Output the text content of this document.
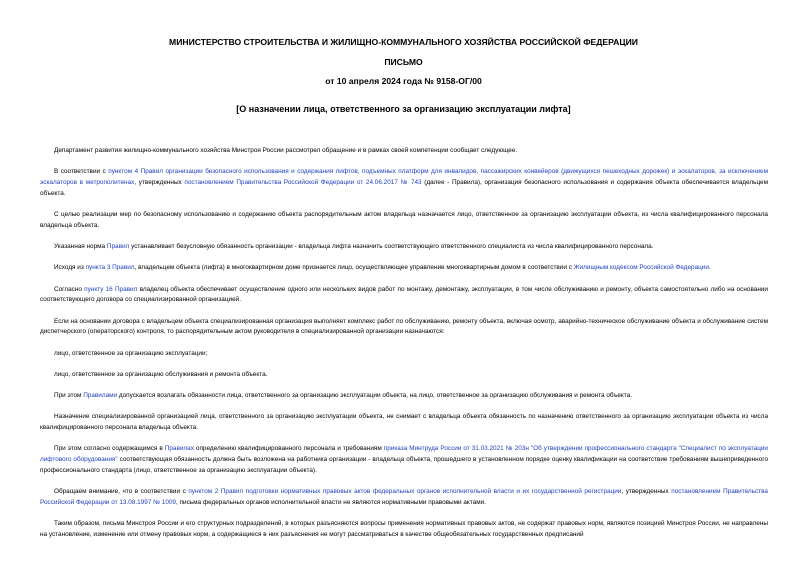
МИНИСТЕРСТВО СТРОИТЕЛЬСТВА И ЖИЛИЩНО-КОММУНАЛЬНОГО ХОЗЯЙСТВА РОССИЙСКОЙ ФЕДЕРАЦИИ
ПИСЬМО
от 10 апреля 2024 года № 9158-ОГ/00
[О назначении лица, ответственного за организацию эксплуатации лифта]

Департамент развития жилищно-коммунального хозяйства Минстроя России рассмотрел обращение и в рамках своей компетенции сообщает следующее.

В соответствии с пунктом 4 Правил организации безопасного использования и содержания лифтов, подъемных платформ для инвалидов, пассажирских конвейеров (движущихся пешеходных дорожек) и эскалаторов, за исключением эскалаторов в метрополитенах, утвержденных постановлением Правительства Российской Федерации от 24.06.2017 № 743 (далее - Правила), организация безопасного использования и содержания объекта обеспечивается владельцем объекта.

С целью реализации мер по безопасному использованию и содержанию объекта распорядительным актом владельца назначается лицо, ответственное за организацию эксплуатации объекта, из числа квалифицированного персонала владельца объекта.

Указанная норма Правил устанавливает безусловную обязанность организации - владельца лифта назначить соответствующего ответственного специалиста из числа квалифицированного персонала.

Исходя из пункта 3 Правил, владельцем объекта (лифта) в многоквартирном доме признается лицо, осуществляющее управление многоквартирным домом в соответствии с Жилищным кодексом Российской Федерации.

Согласно пункту 16 Правил владелец объекта обеспечивает осуществление одного или нескольких видов работ по монтажу, демонтажу, эксплуатации, в том числе обслуживанию и ремонту, объекта самостоятельно либо на основании соответствующего договора со специализированной организацией.

Если на основании договора с владельцем объекта специализированная организация выполняет комплекс работ по обслуживанию, ремонту объекта, включая осмотр, аварийно-техническое обслуживание объекта и обслуживание систем диспетчерского (операторского) контроля, то распорядительным актом руководителя в специализированной организации назначаются:

лицо, ответственное за организацию эксплуатации;

лицо, ответственное за организацию обслуживания и ремонта объекта.

При этом Правилами допускается возлагать обязанности лица, ответственного за организацию эксплуатации объекта, на лицо, ответственное за организацию обслуживания и ремонта объекта.

Назначение специализированной организацией лица, ответственного за организацию эксплуатации объекта, не снимает с владельца объекта обязанность по назначению ответственного за организацию эксплуатации объекта из числа квалифицированного персонала владельца объекта.

При этом согласно содержащимся в Правилах определению квалифицированного персонала и требованиям приказа Минтруда России от 31.03.2021 № 203н "Об утверждении профессионального стандарта "Специалист по эксплуатации лифтового оборудования" соответствующая обязанность должна быть возложена на работника организации - владельца объекта, прошедшего в установленном порядке оценку квалификации на соответствие требованиям вышеприведенного профессионального стандарта (лицо, ответственное за организацию эксплуатации объекта).

Обращаем внимание, что в соответствии с пунктом 2 Правил подготовки нормативных правовых актов федеральных органов исполнительной власти и их государственной регистрации, утвержденных постановлением Правительства Российской Федерации от 13.08.1997 № 1009, письма федеральных органов исполнительной власти не являются нормативными правовыми актами.

Таким образом, письма Минстроя России и его структурных подразделений, в которых разъясняются вопросы применения нормативных правовых актов, не содержат правовых норм, являются позицией Минстроя России, не направлены на установление, изменение или отмену правовых норм, а содержащиеся в них разъяснения не могут рассматриваться в качестве общеобязательных государственных предписаний
